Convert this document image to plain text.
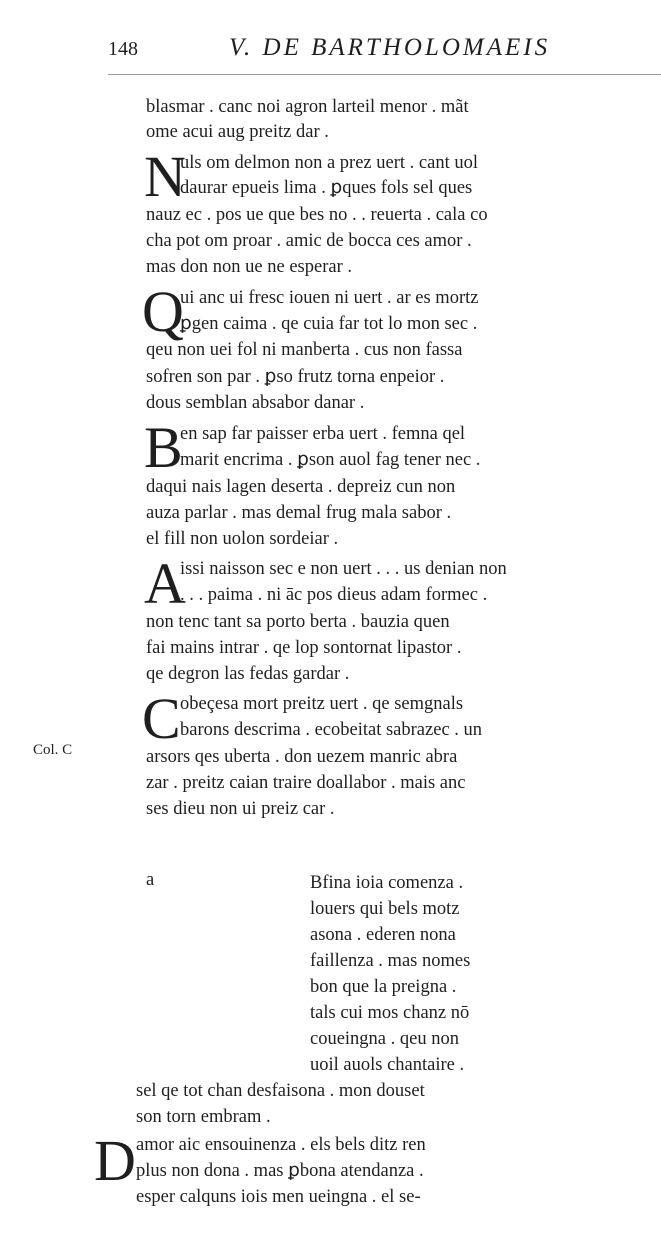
148	V. DE BARTHOLOMAEIS
blasmar . canc noi agron larteil menor . mãt
ome acui aug preitz dar .
N
uls om delmon non a prez uert . cant uol
daurar epueis lima . ꝑques fols sel ques
nauz ec . pos ue que bes no . . reuerta . cala co
cha pot om proar . amic de bocca ces amor .
mas don non ue ne esperar .
Q
ui anc ui fresc iouen ni uert . ar es mortz
ꝑgen caima . qe cuia far tot lo mon sec .
qeu non uei fol ni manberta . cus non fassa
sofren son par . ꝑso frutz torna enpeior .
dous semblan absabor danar .
B
en sap far paisser erba uert . femna qel
marit encrima . ꝑson auol fag tener nec .
daqui nais lagen deserta . depreiz cun non
auza parlar . mas demal frug mala sabor .
el fill non uolon sordeiar .
A
issi naisson sec e non uert . . . us denian non
. . . paima . ni āc pos dieus adam formec .
non tenc tant sa porto berta . bauzia quen
fai mains intrar . qe lop sontornat lipastor .
qe degron las fedas gardar .
C obeçesa mort preitz uert . qe semgnals
barons descrima . ecobeitat sabrazec . un
arsors qes uberta . don uezem manric abra
zar . preitz caian traire doallabor . mais anc
ses dieu non ui preiz car .
Col. C
a	Bfina ioia comenza .
louers qui bels motz
asona . ederen nona
faillenza . mas nomes
bon que la preigna .
tals cui mos chanz nō
coueingna . qeu non
uoil auols chantaire .
sel qe tot chan desfaisona . mon douset
son torn embram .
D amor aic ensouinenza . els bels ditz ren
plus non dona . mas ꝑbona atendanza .
esper calquns iois men ueingna . el se-
